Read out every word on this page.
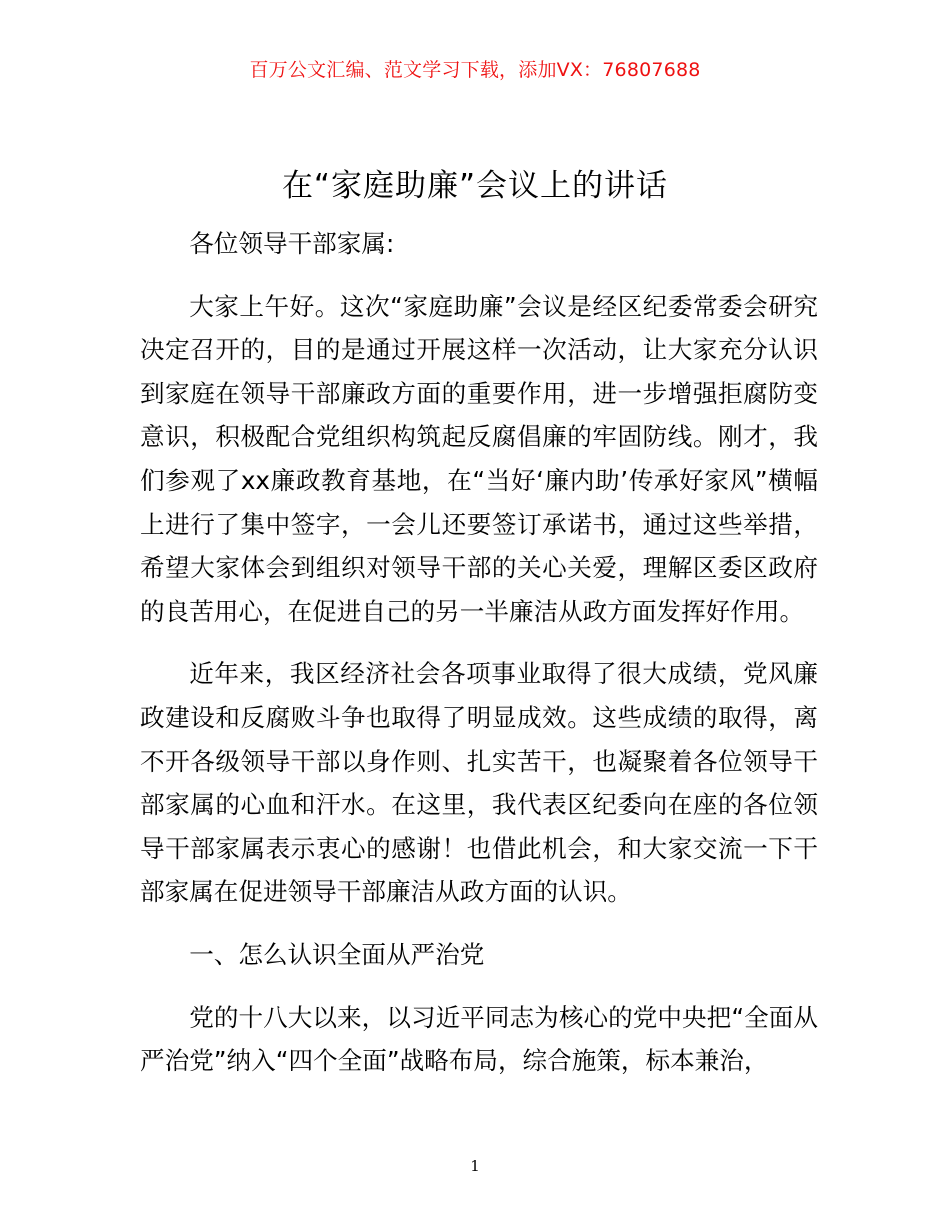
百万公文汇编、范文学习下载，添加VX：76807688
在“家庭助廉”会议上的讲话

各位领导干部家属:

大家上午好。这次“家庭助廉”会议是经区纪委常委会研究决定召开的，目的是通过开展这样一次活动，让大家充分认识到家庭在领导干部廉政方面的重要作用，进一步增强拒腐防变意识，积极配合党组织构筑起反腐倡廉的牢固防线。刚才，我们参观了xx廉政教育基地，在“当好‘廉内助’传承好家风”横幅上进行了集中签字，一会儿还要签订承诺书，通过这些举措，希望大家体会到组织对领导干部的关心关爱，理解区委区政府的良苦用心，在促进自己的另一半廉洁从政方面发挥好作用。

近年来，我区经济社会各项事业取得了很大成绩，党风廉政建设和反腐败斗争也取得了明显成效。这些成绩的取得，离不开各级领导干部以身作则、扎实苦干，也凝聚着各位领导干部家属的心血和汗水。在这里，我代表区纪委向在座的各位领导干部家属表示衷心的感谢！也借此机会，和大家交流一下干部家属在促进领导干部廉洁从政方面的认识。

一、怎么认识全面从严治党

党的十八大以来，以习近平同志为核心的党中央把“全面从严治党”纳入“四个全面”战略布局，综合施策，标本兼治，

1
